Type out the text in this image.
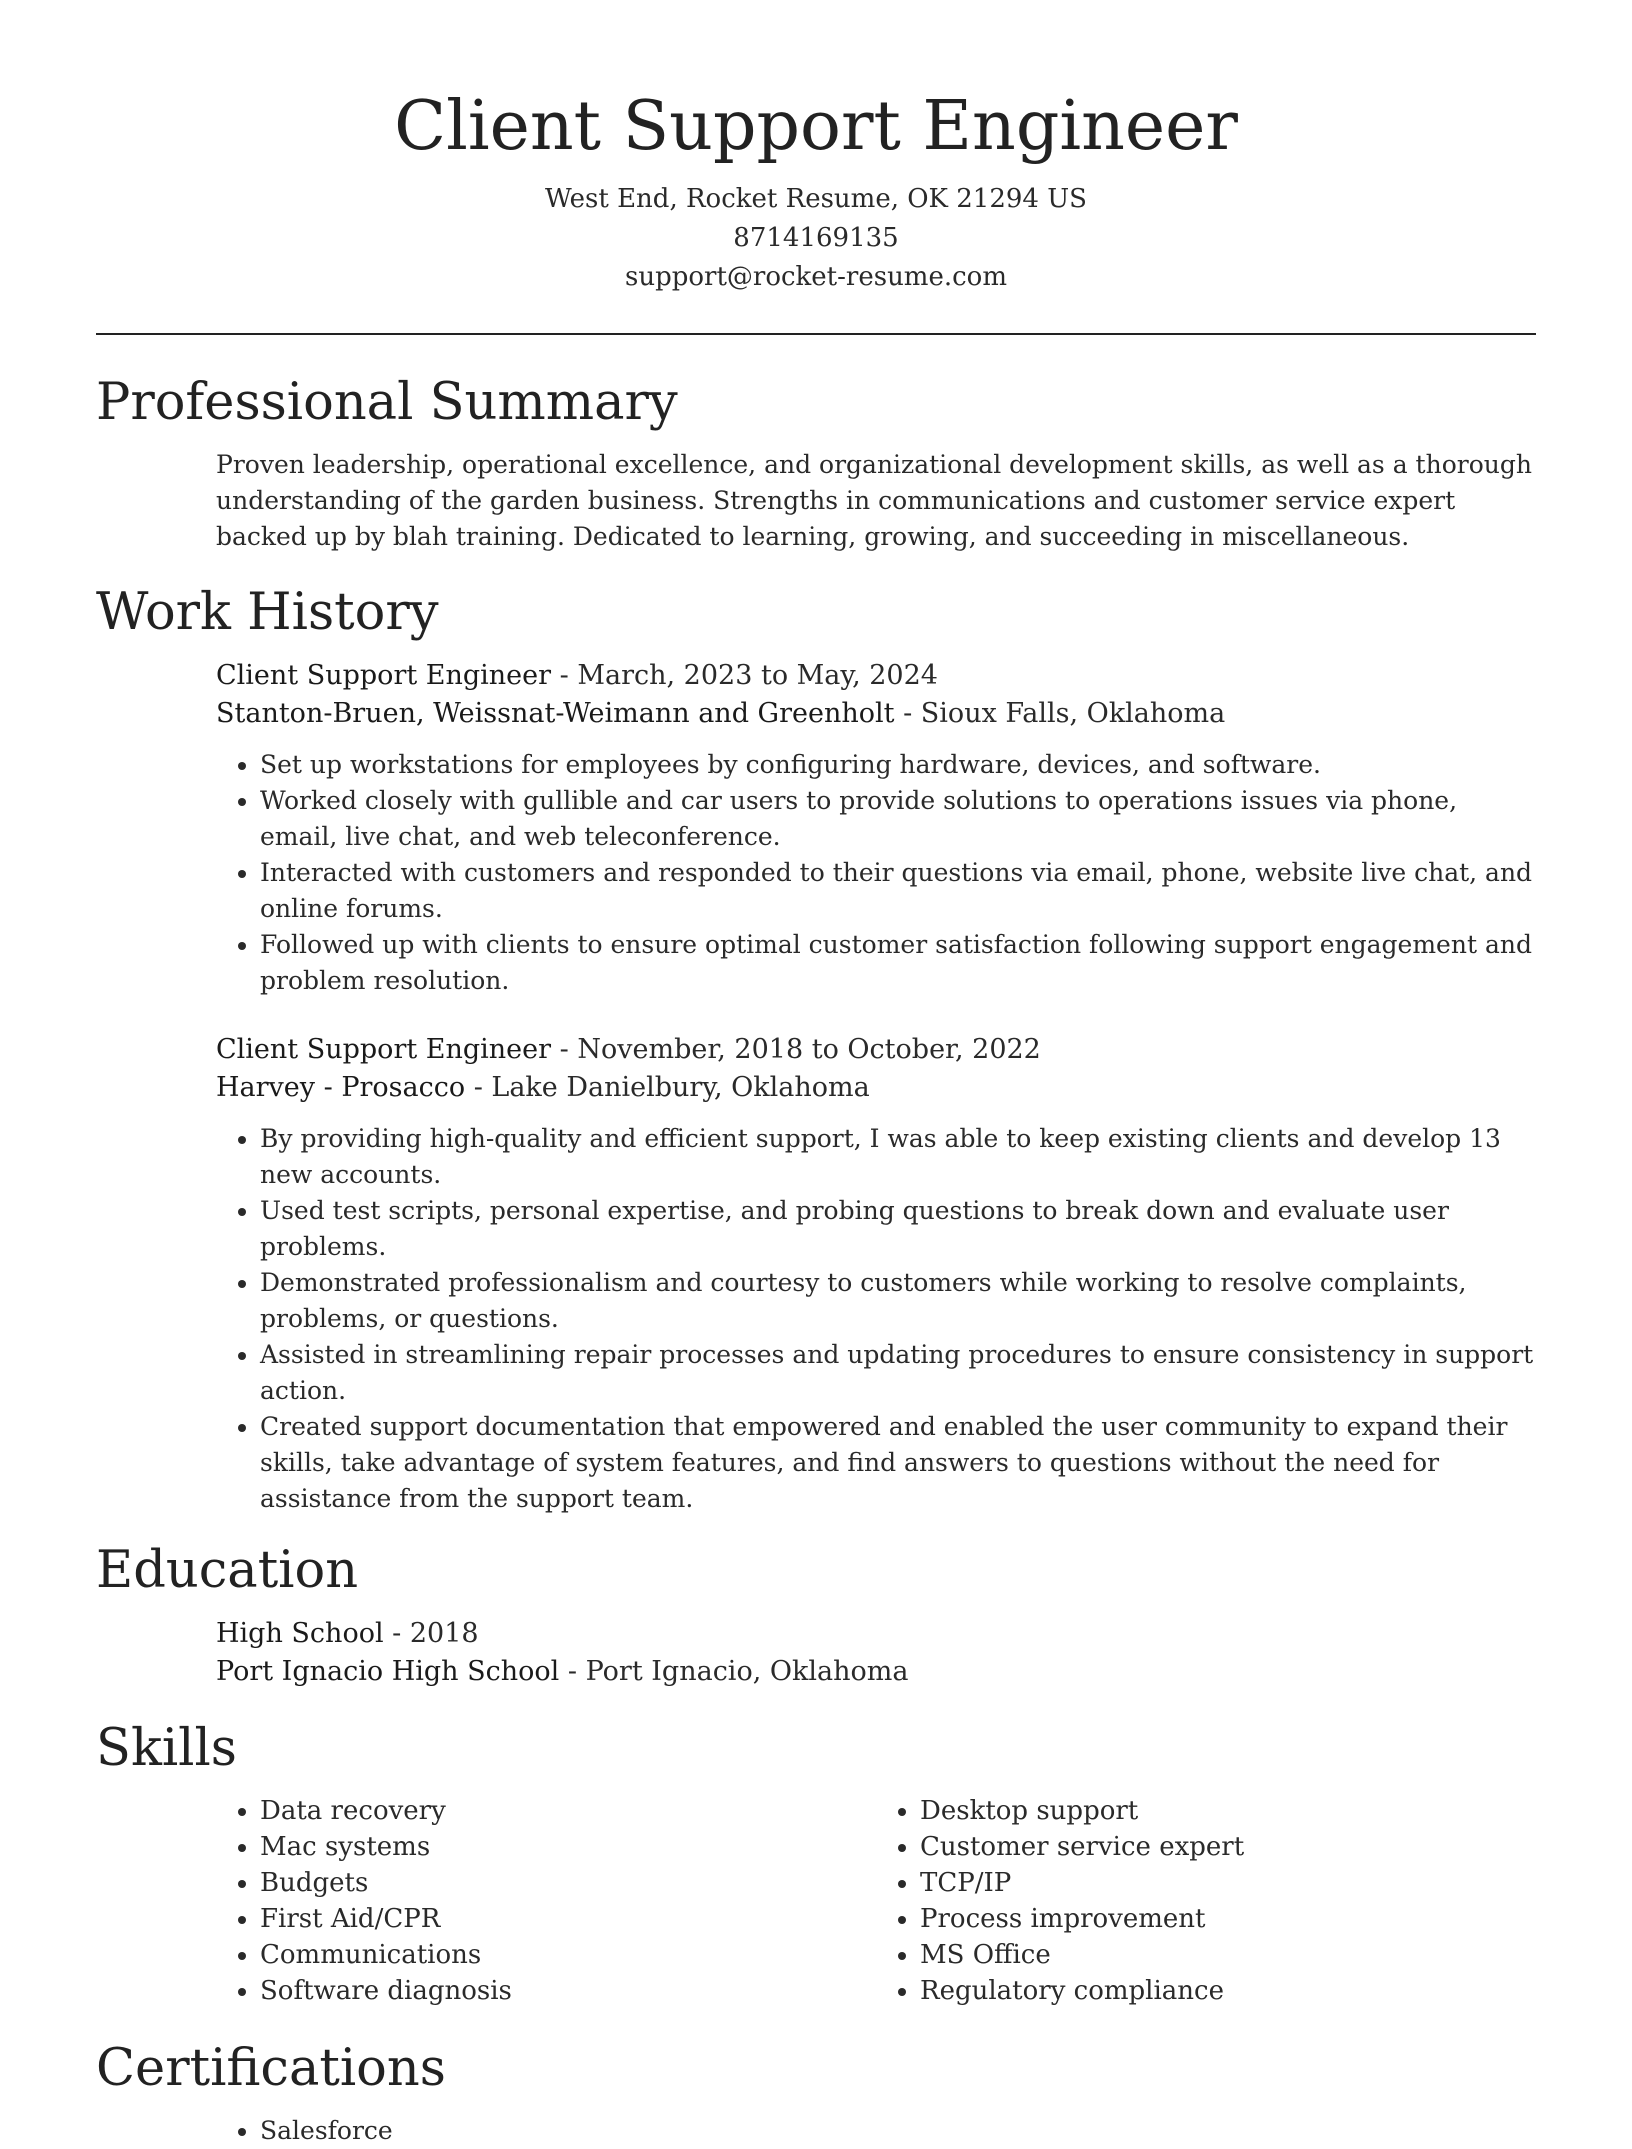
Client Support Engineer
West End, Rocket Resume, OK 21294 US
8714169135
support@rocket-resume.com
Professional Summary

Proven leadership, operational excellence, and organizational development skills, as well as a thorough understanding of the garden business. Strengths in communications and customer service expert backed up by blah training. Dedicated to learning, growing, and succeeding in miscellaneous.

Work History
Client Support Engineer - March, 2023 to May, 2024
Stanton-Bruen, Weissnat-Weimann and Greenholt - Sioux Falls, Oklahoma
• Set up workstations for employees by configuring hardware, devices, and software.
• Worked closely with gullible and car users to provide solutions to operations issues via phone, email, live chat, and web teleconference.
• Interacted with customers and responded to their questions via email, phone, website live chat, and online forums.
• Followed up with clients to ensure optimal customer satisfaction following support engagement and problem resolution.
Client Support Engineer - November, 2018 to October, 2022
Harvey - Prosacco - Lake Danielbury, Oklahoma
• By providing high-quality and efficient support, I was able to keep existing clients and develop 13 new accounts.
• Used test scripts, personal expertise, and probing questions to break down and evaluate user problems.
• Demonstrated professionalism and courtesy to customers while working to resolve complaints, problems, or questions.
• Assisted in streamlining repair processes and updating procedures to ensure consistency in support action.
• Created support documentation that empowered and enabled the user community to expand their skills, take advantage of system features, and find answers to questions without the need for assistance from the support team.
Education
High School - 2018
Port Ignacio High School - Port Ignacio, Oklahoma
Skills
• Data recovery
• Mac systems
• Budgets
• First Aid/CPR
• Communications
• Software diagnosis
• Desktop support
• Customer service expert
• TCP/IP
• Process improvement
• MS Office
• Regulatory compliance
Certifications
• Salesforce
